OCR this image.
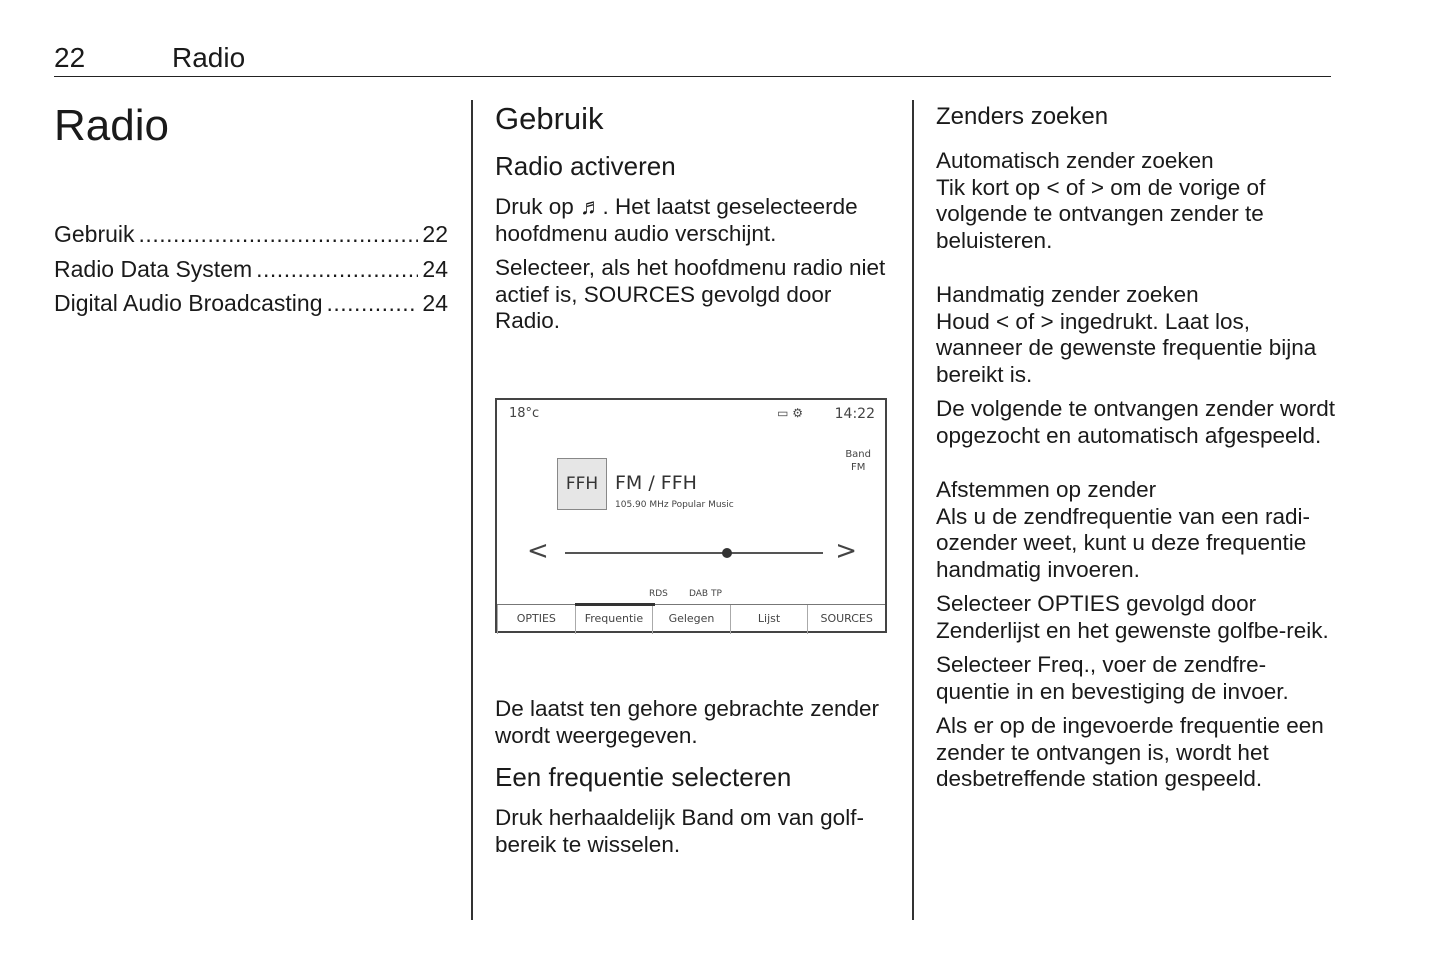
22	Radio
Radio
Gebruik .....	22
Radio Data System .....	24
Digital Audio Broadcasting .....	24
Gebruik
Radio activeren

Druk op ♬. Het laatst geselecteerde hoofdmenu audio verschijnt.

Selecteer, als het hoofdmenu radio niet actief is, SOURCES gevolgd door Radio.

18°c	▭ ⚙ 14:22
Band
FM
FFH FM / FFH
105.90 MHz Popular Music
<	>
RDS DAB TP
OPTIES	Frequentie	Gelegen	Lijst	SOURCES

De laatst ten gehore gebrachte zender wordt weergegeven.

Een frequentie selecteren

Druk herhaaldelijk Band om van golf-bereik te wisselen.

Zenders zoeken

Automatisch zender zoeken

Tik kort op < of > om de vorige of volgende te ontvangen zender te beluisteren.

Handmatig zender zoeken

Houd < of > ingedrukt. Laat los, wanneer de gewenste frequentie bijna bereikt is.

De volgende te ontvangen zender wordt opgezocht en automatisch afgespeeld.

Afstemmen op zender

Als u de zendfrequentie van een radi-ozender weet, kunt u deze frequentie handmatig invoeren.

Selecteer OPTIES gevolgd door Zenderlijst en het gewenste golfbe-reik.

Selecteer Freq., voer de zendfre-quentie in en bevestiging de invoer.

Als er op de ingevoerde frequentie een zender te ontvangen is, wordt het desbetreffende station gespeeld.
